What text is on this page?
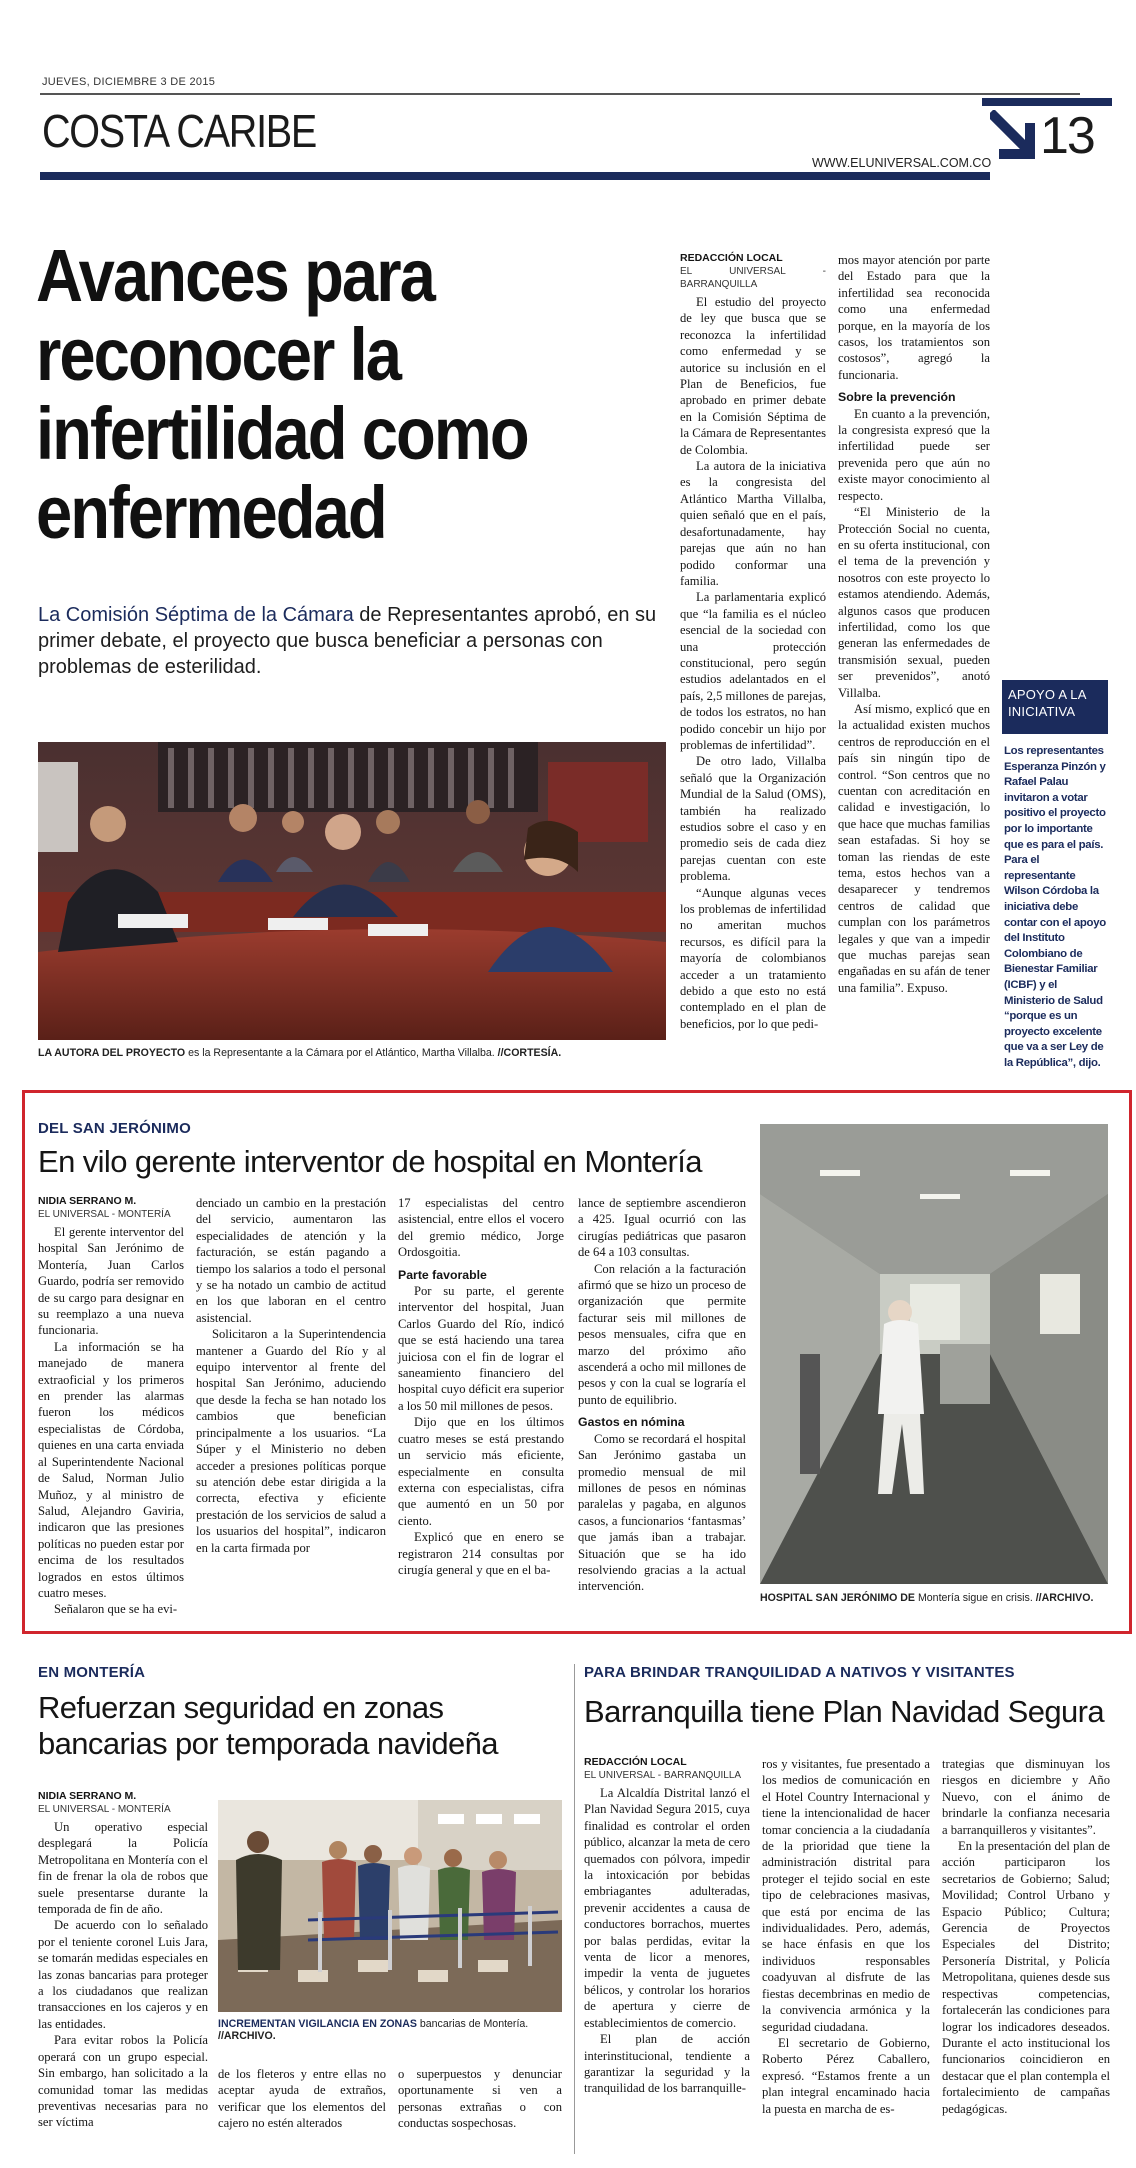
JUEVES, DICIEMBRE 3 DE 2015
COSTA CARIBE
WWW.ELUNIVERSAL.COM.CO 13
Avances para reconocer la infertilidad como enfermedad
La Comisión Séptima de la Cámara de Representantes aprobó, en su primer debate, el proyecto que busca beneficiar a personas con problemas de esterilidad.
LA AUTORA DEL PROYECTO es la Representante a la Cámara por el Atlántico, Martha Villalba. //CORTESÍA.
REDACCIÓN LOCAL
EL UNIVERSAL - BARRANQUILLA

El estudio del proyecto de ley que busca que se reconozca la infertilidad como enfermedad y se autorice su inclusión en el Plan de Beneficios, fue aprobado en primer debate en la Comisión Séptima de la Cámara de Representantes de Colombia.

La autora de la iniciativa es la congresista del Atlántico Martha Villalba, quien señaló que en el país, desafortunadamente, hay parejas que aún no han podido conformar una familia.

La parlamentaria explicó que “la familia es el núcleo esencial de la sociedad con una protección constitucional, pero según estudios adelantados en el país, 2,5 millones de parejas, de todos los estratos, no han podido concebir un hijo por problemas de infertilidad”.

De otro lado, Villalba señaló que la Organización Mundial de la Salud (OMS), también ha realizado estudios sobre el caso y en promedio seis de cada diez parejas cuentan con este problema.

“Aunque algunas veces los problemas de infertilidad no ameritan muchos recursos, es difícil para la mayoría de colombianos acceder a un tratamiento debido a que esto no está contemplado en el plan de beneficios, por lo que pedi-

mos mayor atención por parte del Estado para que la infertilidad sea reconocida como una enfermedad porque, en la mayoría de los casos, los tratamientos son costosos”, agregó la funcionaria.

Sobre la prevención

En cuanto a la prevención, la congresista expresó que la infertilidad puede ser prevenida pero que aún no existe mayor conocimiento al respecto.

“El Ministerio de la Protección Social no cuenta, en su oferta institucional, con el tema de la prevención y nosotros con este proyecto lo estamos atendiendo. Además, algunos casos que producen infertilidad, como los que generan las enfermedades de transmisión sexual, pueden ser prevenidos”, anotó Villalba.

Así mismo, explicó que en la actualidad existen muchos centros de reproducción en el país sin ningún tipo de control. “Son centros que no cuentan con acreditación en calidad e investigación, lo que hace que muchas familias sean estafadas. Si hoy se toman las riendas de este tema, estos hechos van a desaparecer y tendremos centros de calidad que cumplan con los parámetros legales y que van a impedir que muchas parejas sean engañadas en su afán de tener una familia”. Expuso.

APOYO A LA INICIATIVA
Los representantes Esperanza Pinzón y Rafael Palau invitaron a votar positivo el proyecto por lo importante que es para el país. Para el representante Wilson Córdoba la iniciativa debe contar con el apoyo del Instituto Colombiano de Bienestar Familiar (ICBF) y el Ministerio de Salud “porque es un proyecto excelente que va a ser Ley de la República”, dijo.
DEL SAN JERÓNIMO
En vilo gerente interventor de hospital en Montería
NIDIA SERRANO M.
EL UNIVERSAL - MONTERÍA

El gerente interventor del hospital San Jerónimo de Montería, Juan Carlos Guardo, podría ser removido de su cargo para designar en su reemplazo a una nueva funcionaria.

La información se ha manejado de manera extraoficial y los primeros en prender las alarmas fueron los médicos especialistas de Córdoba, quienes en una carta enviada al Superintendente Nacional de Salud, Norman Julio Muñoz, y al ministro de Salud, Alejandro Gaviria, indicaron que las presiones políticas no pueden estar por encima de los resultados logrados en estos últimos cuatro meses.

Señalaron que se ha evi-

denciado un cambio en la prestación del servicio, aumentaron las especialidades de atención y la facturación, se están pagando a tiempo los salarios a todo el personal y se ha notado un cambio de actitud en los que laboran en el centro asistencial.

Solicitaron a la Superintendencia mantener a Guardo del Río y al equipo interventor al frente del hospital San Jerónimo, aduciendo que desde la fecha se han notado los cambios que benefician principalmente a los usuarios. “La Súper y el Ministerio no deben acceder a presiones políticas porque su atención debe estar dirigida a la correcta, efectiva y eficiente prestación de los servicios de salud a los usuarios del hospital”, indicaron en la carta firmada por

17 especialistas del centro asistencial, entre ellos el vocero del gremio médico, Jorge Ordosgoitia.

Parte favorable

Por su parte, el gerente interventor del hospital, Juan Carlos Guardo del Río, indicó que se está haciendo una tarea juiciosa con el fin de lograr el saneamiento financiero del hospital cuyo déficit era superior a los 50 mil millones de pesos.

Dijo que en los últimos cuatro meses se está prestando un servicio más eficiente, especialmente en consulta externa con especialistas, cifra que aumentó en un 50 por ciento.

Explicó que en enero se registraron 214 consultas por cirugía general y que en el ba-

lance de septiembre ascendieron a 425. Igual ocurrió con las cirugías pediátricas que pasaron de 64 a 103 consultas.

Con relación a la facturación afirmó que se hizo un proceso de organización que permite facturar seis mil millones de pesos mensuales, cifra que en marzo del próximo año ascenderá a ocho mil millones de pesos y con la cual se lograría el punto de equilibrio.

Gastos en nómina

Como se recordará el hospital San Jerónimo gastaba un promedio mensual de mil millones de pesos en nóminas paralelas y pagaba, en algunos casos, a funcionarios ‘fantasmas’ que jamás iban a trabajar. Situación que se ha ido resolviendo gracias a la actual intervención.

HOSPITAL SAN JERÓNIMO DE Montería sigue en crisis. //ARCHIVO.
EN MONTERÍA
Refuerzan seguridad en zonas
bancarias por temporada navideña
NIDIA SERRANO M.
EL UNIVERSAL - MONTERÍA

Un operativo especial desplegará la Policía Metropolitana en Montería con el fin de frenar la ola de robos que suele presentarse durante la temporada de fin de año.

De acuerdo con lo señalado por el teniente coronel Luis Jara, se tomarán medidas especiales en las zonas bancarias para proteger a los ciudadanos que realizan transacciones en los cajeros y en las entidades.

Para evitar robos la Policía operará con un grupo especial. Sin embargo, han solicitado a la comunidad tomar las medidas preventivas necesarias para no ser víctima

INCREMENTAN VIGILANCIA EN ZONAS bancarias de Montería. //ARCHIVO.

de los fleteros y entre ellas no aceptar ayuda de extraños, verificar que los elementos del cajero no estén alterados

o superpuestos y denunciar oportunamente si ven a personas extrañas o con conductas sospechosas.

PARA BRINDAR TRANQUILIDAD A NATIVOS Y VISITANTES
Barranquilla tiene Plan Navidad Segura
REDACCIÓN LOCAL
EL UNIVERSAL - BARRANQUILLA

La Alcaldía Distrital lanzó el Plan Navidad Segura 2015, cuya finalidad es controlar el orden público, alcanzar la meta de cero quemados con pólvora, impedir la intoxicación por bebidas embriagantes adulteradas, prevenir accidentes a causa de conductores borrachos, muertes por balas perdidas, evitar la venta de licor a menores, impedir la venta de juguetes bélicos, y controlar los horarios de apertura y cierre de establecimientos de comercio.

El plan de acción interinstitucional, tendiente a garantizar la seguridad y la tranquilidad de los barranquille-

ros y visitantes, fue presentado a los medios de comunicación en el Hotel Country Internacional y tiene la intencionalidad de hacer tomar conciencia a la ciudadanía de la prioridad que tiene la administración distrital para proteger el tejido social en este tipo de celebraciones masivas, que está por encima de las individualidades. Pero, además, se hace énfasis en que los individuos responsables coadyuvan al disfrute de las fiestas decembrinas en medio de la convivencia armónica y la seguridad ciudadana.

El secretario de Gobierno, Roberto Pérez Caballero, expresó. “Estamos frente a un plan integral encaminado hacia la puesta en marcha de es-

trategias que disminuyan los riesgos en diciembre y Año Nuevo, con el ánimo de brindarle la confianza necesaria a barranquilleros y visitantes”.

En la presentación del plan de acción participaron los secretarios de Gobierno; Salud; Movilidad; Control Urbano y Espacio Público; Cultura; Gerencia de Proyectos Especiales del Distrito; Personería Distrital, y Policía Metropolitana, quienes desde sus respectivas competencias, fortalecerán las condiciones para lograr los indicadores deseados. Durante el acto institucional los funcionarios coincidieron en destacar que el plan contempla el fortalecimiento de campañas pedagógicas.
